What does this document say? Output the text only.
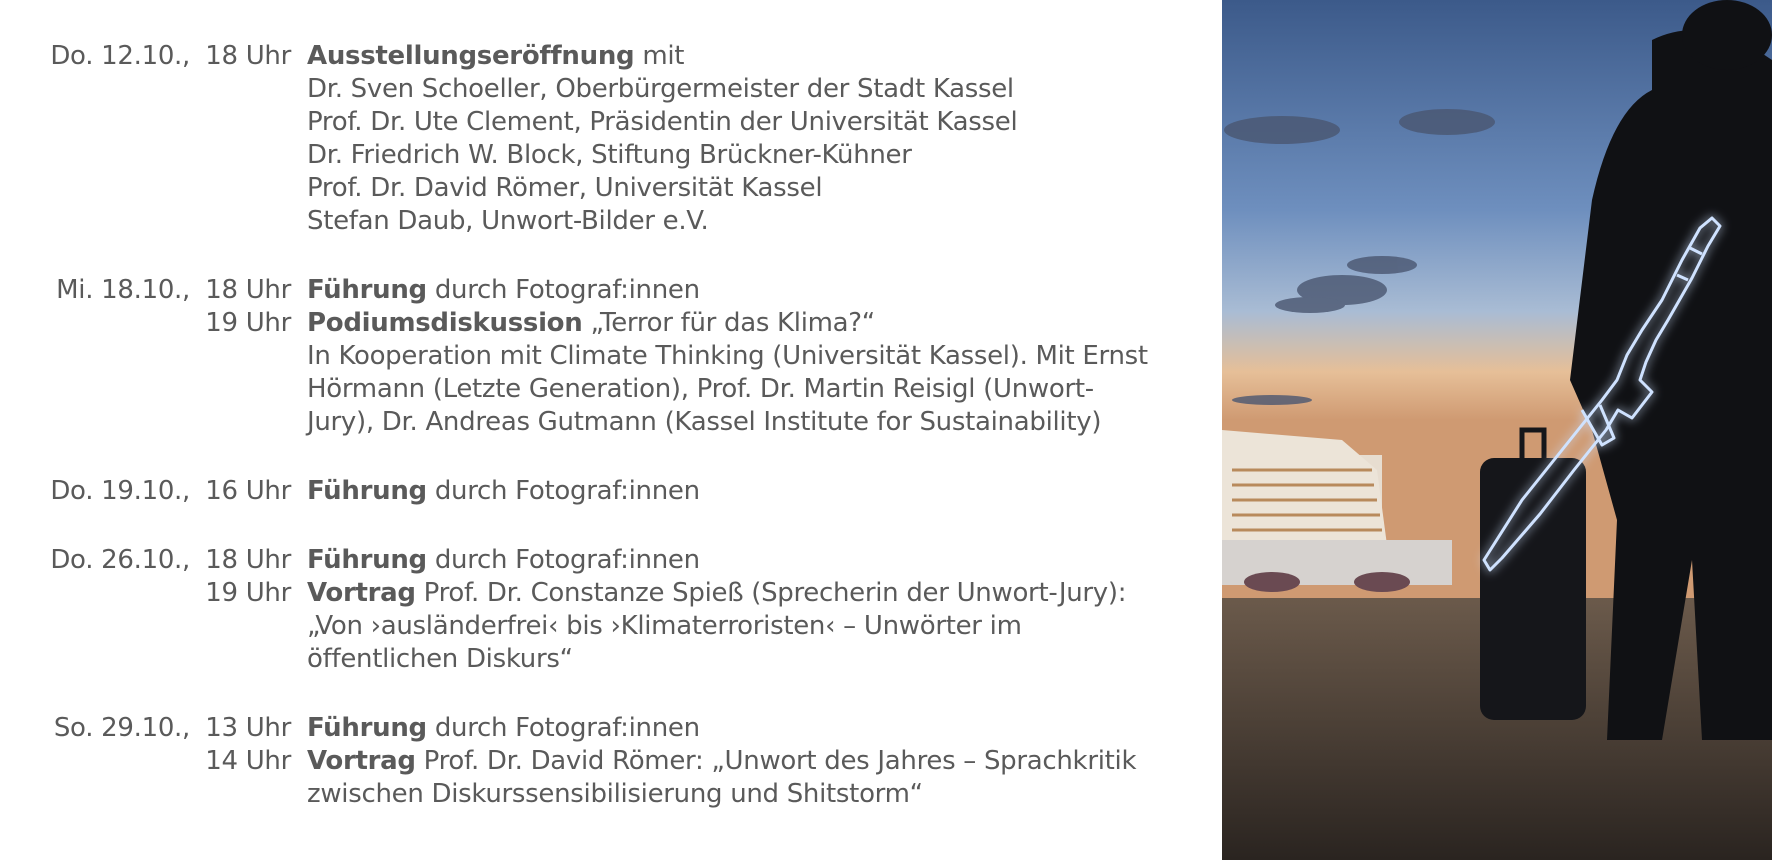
Do. 12.10., 18 Uhr Ausstellungseröffnung mit
Dr. Sven Schoeller, Oberbürgermeister der Stadt Kassel
Prof. Dr. Ute Clement, Präsidentin der Universität Kassel
Dr. Friedrich W. Block, Stiftung Brückner-Kühner
Prof. Dr. David Römer, Universität Kassel
Stefan Daub, Unwort-Bilder e.V.
Mi. 18.10., 18 Uhr Führung durch Fotograf:innen
19 Uhr Podiumsdiskussion „Terror für das Klima?“
In Kooperation mit Climate Thinking (Universität Kassel). Mit Ernst
Hörmann (Letzte Generation), Prof. Dr. Martin Reisigl (Unwort-
Jury), Dr. Andreas Gutmann (Kassel Institute for Sustainability)
Do. 19.10., 16 Uhr Führung durch Fotograf:innen
Do. 26.10., 18 Uhr Führung durch Fotograf:innen
19 Uhr Vortrag Prof. Dr. Constanze Spieß (Sprecherin der Unwort-Jury):
„Von ›ausländerfrei‹ bis ›Klimaterroristen‹ – Unwörter im
öffentlichen Diskurs“
So. 29.10., 13 Uhr Führung durch Fotograf:innen
14 Uhr Vortrag Prof. Dr. David Römer: „Unwort des Jahres – Sprachkritik
zwischen Diskurssensibilisierung und Shitstorm“
